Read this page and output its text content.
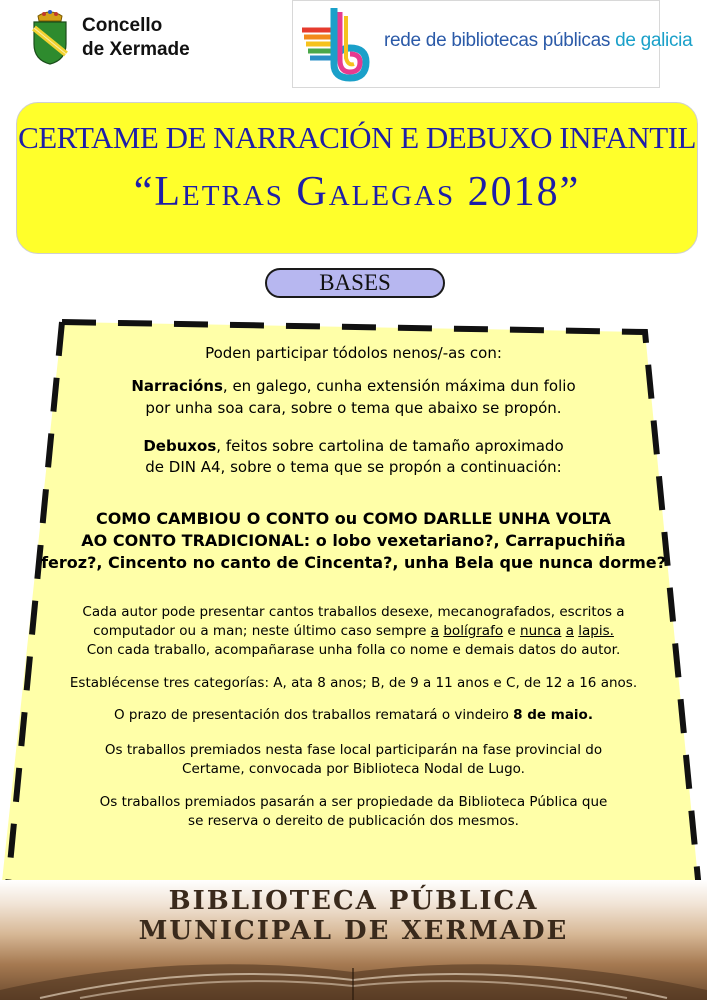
Concello
de Xermade	rede de bibliotecas públicas de galicia
CERTAME DE NARRACIÓN E DEBUXO INFANTIL
“Letras Galegas 2018”
BASES
Poden participar tódolos nenos/-as con:
Narracións, en galego, cunha extensión máxima dun folio
por unha soa cara, sobre o tema que abaixo se propón.
Debuxos, feitos sobre cartolina de tamaño aproximado
de DIN A4, sobre o tema que se propón a continuación:
COMO CAMBIOU O CONTO ou COMO DARLLE UNHA VOLTA
AO CONTO TRADICIONAL: o lobo vexetariano?, Carrapuchiña
feroz?, Cincento no canto de Cincenta?, unha Bela que nunca dorme?
Cada autor pode presentar cantos traballos desexe, mecanografados, escritos a
computador ou a man; neste último caso sempre a bolígrafo e nunca a lapis.
Con cada traballo, acompañarase unha folla co nome e demais datos do autor.
Establécense tres categorías: A, ata 8 anos; B, de 9 a 11 anos e C, de 12 a 16 anos.
O prazo de presentación dos traballos rematará o vindeiro 8 de maio.
Os traballos premiados nesta fase local participarán na fase provincial do
Certame, convocada por Biblioteca Nodal de Lugo.
Os traballos premiados pasarán a ser propiedade da Biblioteca Pública que
se reserva o dereito de publicación dos mesmos.
BIBLIOTECA PÚBLICA
MUNICIPAL DE XERMADE
